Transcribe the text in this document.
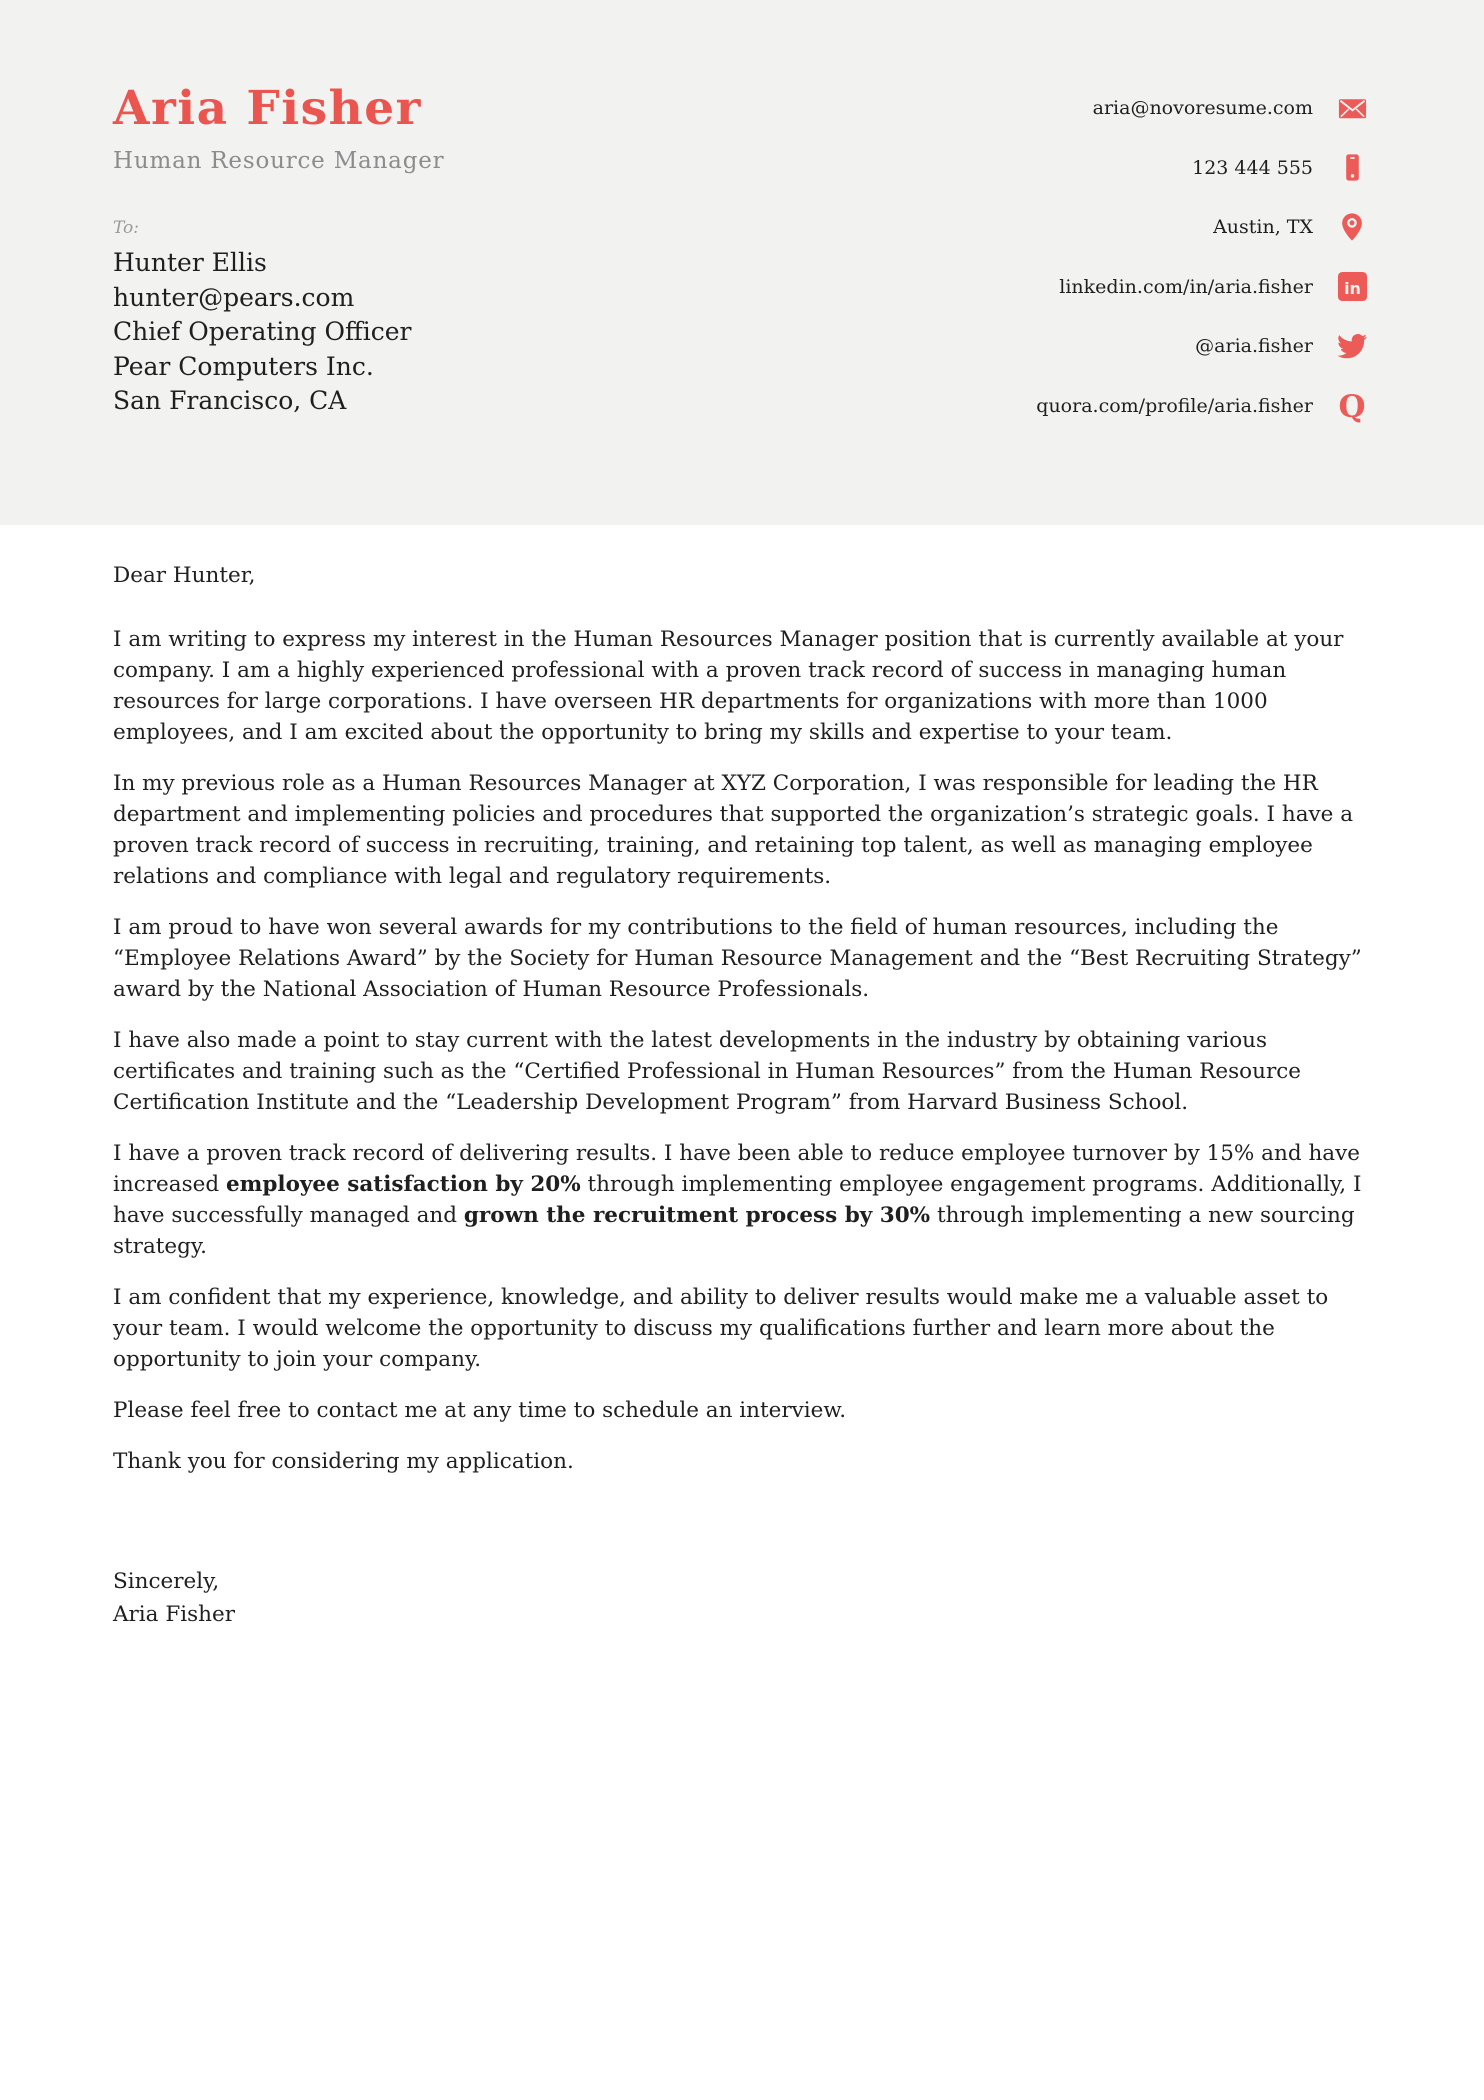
Aria Fisher
Human Resource Manager
To:
Hunter Ellis
hunter@pears.com
Chief Operating Officer
Pear Computers Inc.
San Francisco, CA
aria@novoresume.com
123 444 555
Austin, TX
linkedin.com/in/aria.fisher in
@aria.fisher
quora.com/profile/aria.fisher Q

Dear Hunter,

I am writing to express my interest in the Human Resources Manager position that is currently available at your company. I am a highly experienced professional with a proven track record of success in managing human resources for large corporations. I have overseen HR departments for organizations with more than 1000 employees, and I am excited about the opportunity to bring my skills and expertise to your team.

In my previous role as a Human Resources Manager at XYZ Corporation, I was responsible for leading the HR department and implementing policies and procedures that supported the organization’s strategic goals. I have a proven track record of success in recruiting, training, and retaining top talent, as well as managing employee relations and compliance with legal and regulatory requirements.

I am proud to have won several awards for my contributions to the field of human resources, including the “Employee Relations Award” by the Society for Human Resource Management and the “Best Recruiting Strategy” award by the National Association of Human Resource Professionals.

I have also made a point to stay current with the latest developments in the industry by obtaining various certificates and training such as the “Certified Professional in Human Resources” from the Human Resource Certification Institute and the “Leadership Development Program” from Harvard Business School.

I have a proven track record of delivering results. I have been able to reduce employee turnover by 15% and have increased employee satisfaction by 20% through implementing employee engagement programs. Additionally, I have successfully managed and grown the recruitment process by 30% through implementing a new sourcing strategy.

I am confident that my experience, knowledge, and ability to deliver results would make me a valuable asset to your team. I would welcome the opportunity to discuss my qualifications further and learn more about the opportunity to join your company.

Please feel free to contact me at any time to schedule an interview.

Thank you for considering my application.

Sincerely,
Aria Fisher
